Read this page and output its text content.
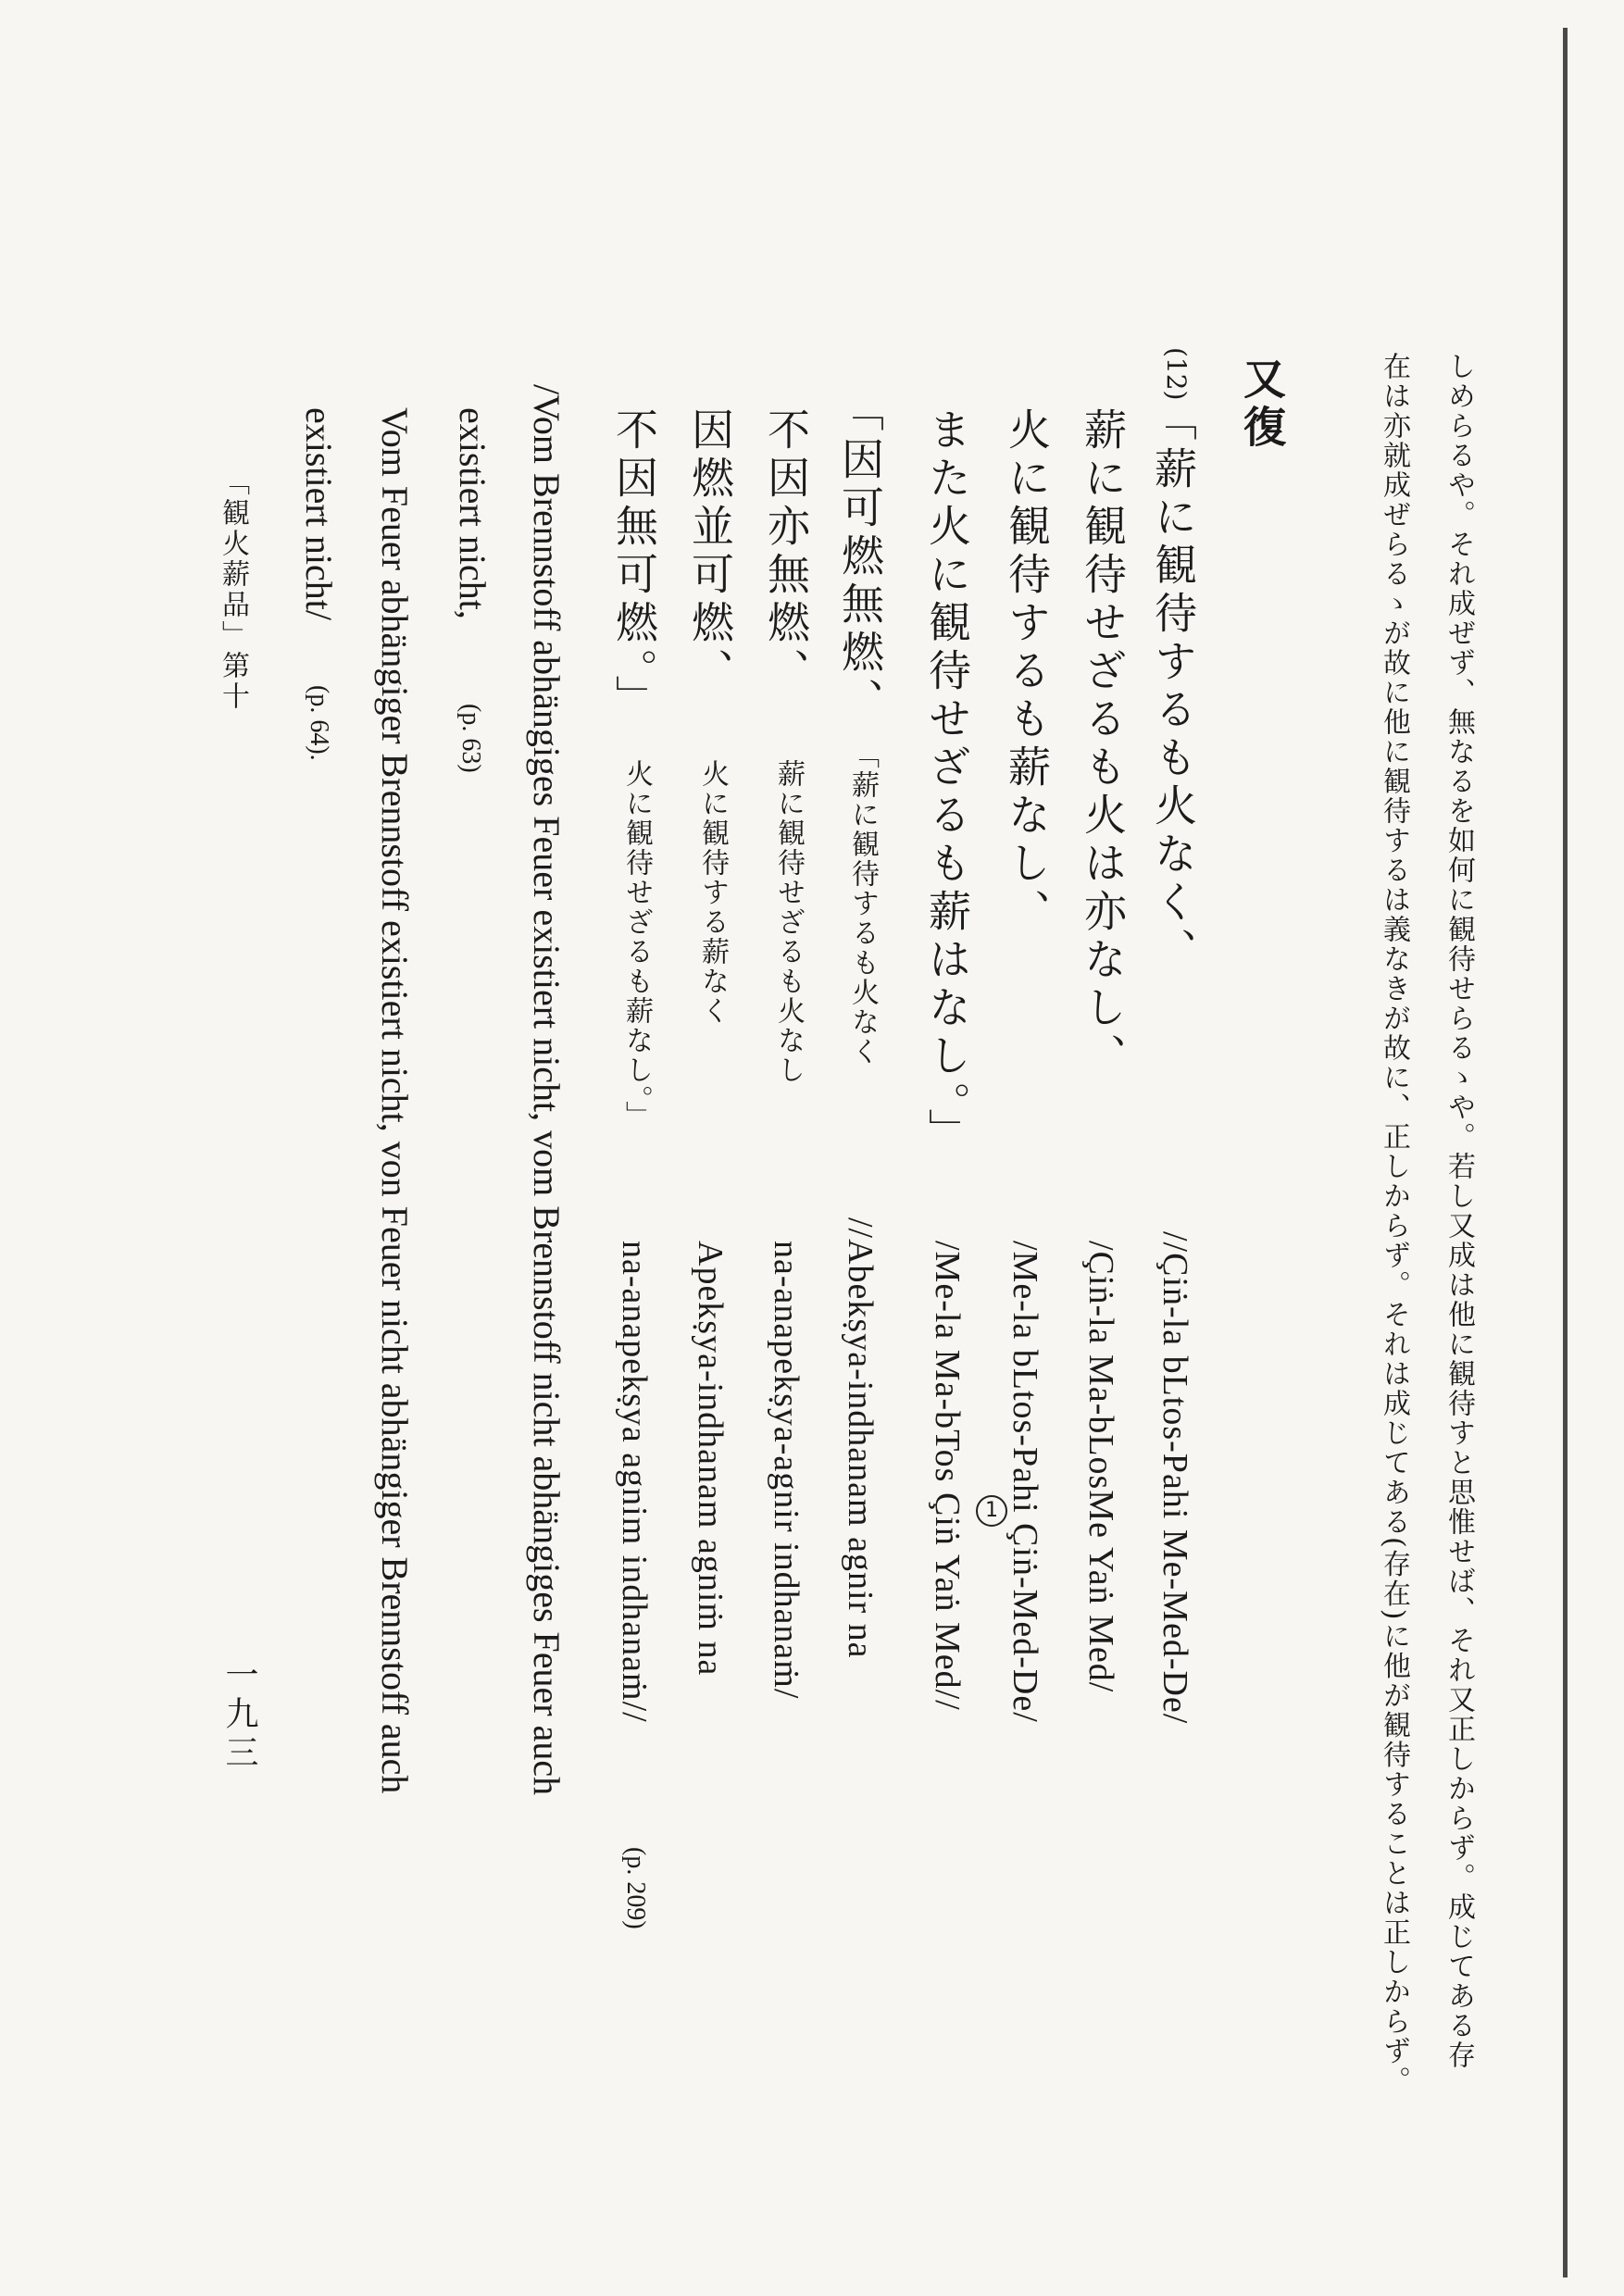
しめらるや。それ成ぜず、無なるを如何に観待せらるゝや。若し又成は他に観待すと思惟せば、それ又正しからず。成じてある存
在は亦就成ぜらるゝが故に他に観待するは義なきが故に、正しからず。それは成じてある(存在)に他が観待することは正しからず。
又復
(12)
「薪に観待するも火なく、
薪に観待せざるも火は亦なし、
火に観待するも薪なし、
また火に観待せざるも薪はなし。」
//Çiṅ-la bLtos-Pahi Me-Med-De/
/Çiṅ-la Ma-bLosMe Yaṅ Med/
/Me-la bLtos-Pahi Çiṅ-Med-De/
/Me-la Ma-bTos Çiṅ Yaṅ Med// 1
「因可燃無燃、
不因亦無燃、
因燃並可燃、
不因無可燃。」
「薪に観待するも火なく
薪に観待せざるも火なし
火に観待する薪なく
火に観待せざるも薪なし。」
//Abekṣya-indhanam agnir na
na-anapekṣya-agnir indhanaṁ/
Apekṣya-indhanam agniṁ na
na-anapekṣya agnim indhanaṁ//
(p. 209)
/Vom Brennstoff abhängiges Feuer existiert nicht, vom Brennstoff nicht abhängiges Feuer auch
existiert nicht,
(p. 63)
Vom Feuer abhängiger Brennstoff existiert nicht, von Feuer nicht abhängiger Brennstoff auch
existiert nicht/
(p. 64).
「観火薪品」第十
一九三
